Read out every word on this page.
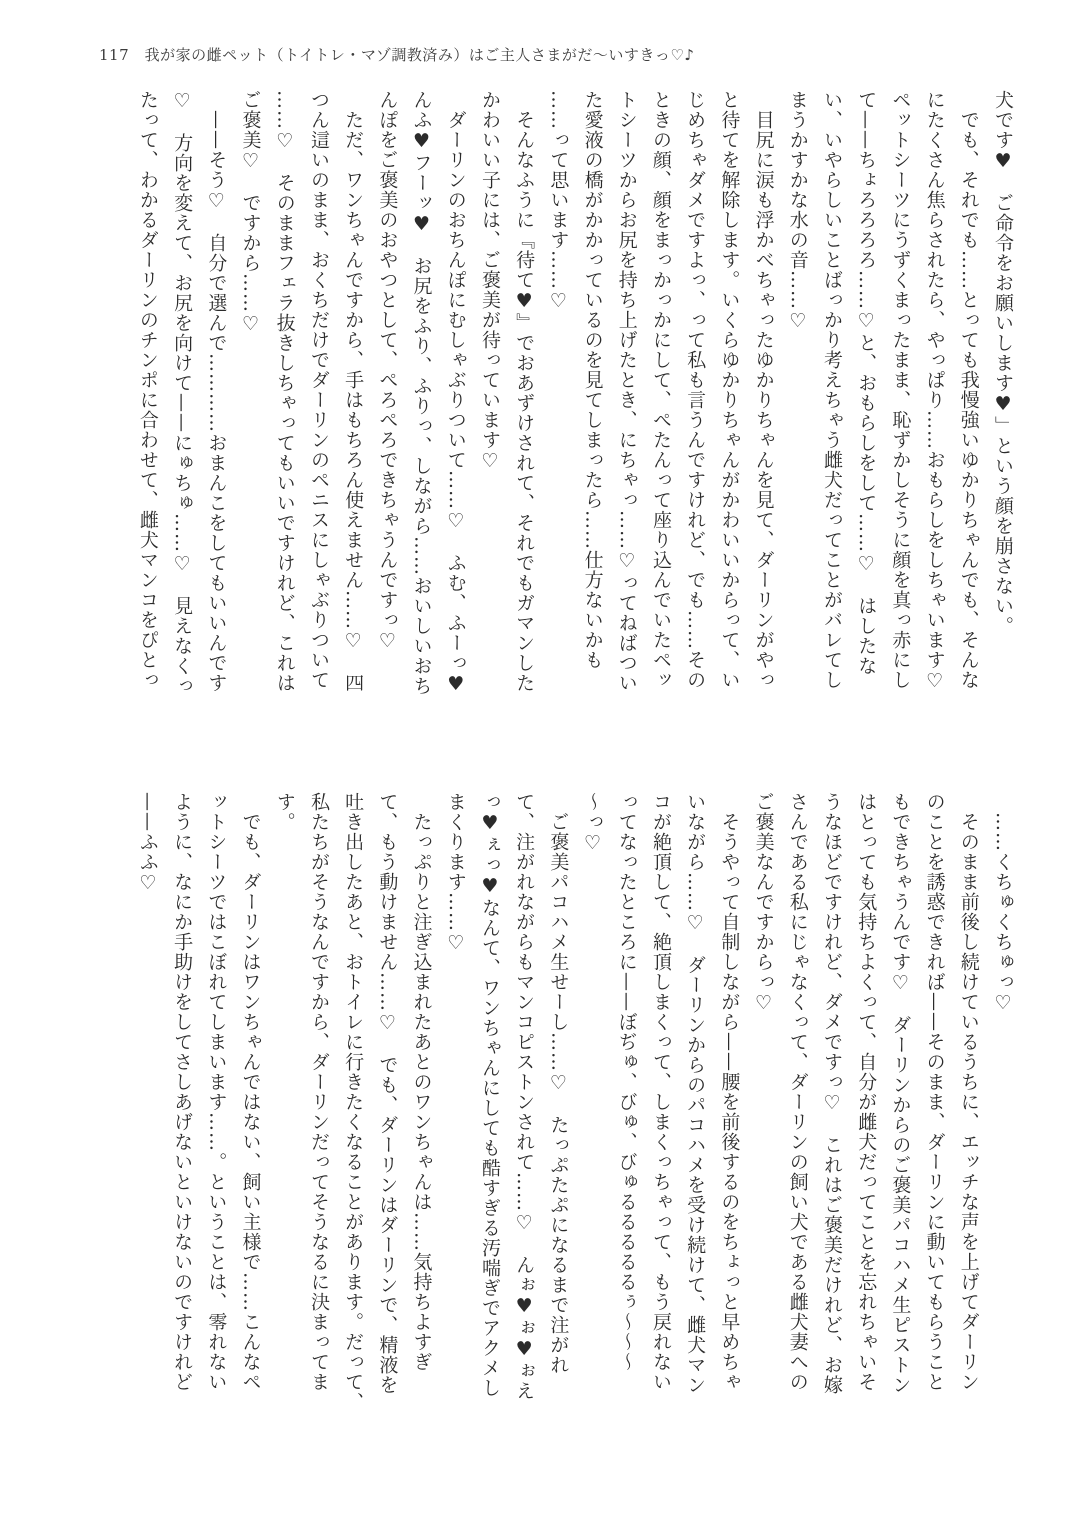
117　我が家の雌ペット（トイトレ・マゾ調教済み）はご主人さまがだ～いすきっ♡♪
犬です♥　ご命令をお願いします♥」という顔を崩さない。
　でも、それでも……とっても我慢強いゆかりちゃんでも、そんな
にたくさん焦らされたら、やっぱり……おもらしをしちゃいます♡
ペットシーツにうずくまったまま、恥ずかしそうに顔を真っ赤にし
て——ちょろろろろ……♡と、おもらしをして……♡　はしたな
い、いやらしいことばっかり考えちゃう雌犬だってことがバレてし
まうかすかな水の音……♡
　目尻に涙も浮かべちゃったゆかりちゃんを見て、ダーリンがやっ
と待てを解除します。いくらゆかりちゃんがかわいいからって、い
じめちゃダメですよっ、って私も言うんですけれど、でも……その
ときの顔、顔をまっかっかにして、ぺたんって座り込んでいたペッ
トシーツからお尻を持ち上げたとき、にちゃっ……♡ってねばつい
た愛液の橋がかかっているのを見てしまったら……仕方ないかも
……って思います……♡
　そんなふうに『待て♥』でおあずけされて、それでもガマンした
かわいい子には、ご褒美が待っています♡
　ダーリンのおちんぽにむしゃぶりついて……♡　ふむ、ふーっ♥
んふ♥フーッ♥　お尻をふり、ふりっ、しながら……おいしいおち
んぽをご褒美のおやつとして、ぺろぺろできちゃうんですっ♡
　ただ、ワンちゃんですから、手はもちろん使えません……♡　四
つん這いのまま、おくちだけでダーリンのペニスにしゃぶりついて
……♡　そのままフェラ抜きしちゃってもいいですけれど、これは
ご褒美♡　ですから……♡
　——そう♡　自分で選んで…………おまんこをしてもいいんです
♡　方向を変えて、お尻を向けて——にゅちゅ……♡　見えなくっ
たって、わかるダーリンのチンポに合わせて、雌犬マンコをぴとっ
　……くちゅくちゅっ♡
　そのまま前後し続けているうちに、エッチな声を上げてダーリン
のことを誘惑できれば——そのまま、ダーリンに動いてもらうこと
もできちゃうんです♡　ダーリンからのご褒美パコハメ生ピストン
はとっても気持ちよくって、自分が雌犬だってことを忘れちゃいそ
うなほどですけれど、ダメですっ♡　これはご褒美だけれど、お嫁
さんである私にじゃなくって、ダーリンの飼い犬である雌犬妻への
ご褒美なんですからっ♡
　そうやって自制しながら——腰を前後するのをちょっと早めちゃ
いながら……♡　ダーリンからのパコハメを受け続けて、雌犬マン
コが絶頂して、絶頂しまくって、しまくっちゃって、もう戻れない
ってなったところに——ぼぢゅ、びゅ、びゅるるるるるぅ～～～
～っ♡
　ご褒美パコハメ生せーし……♡　たっぷたぷになるまで注がれ
て、注がれながらもマンコピストンされて……♡　んぉ♥ぉ♥ぉえ
っ♥ぇっ♥なんて、ワンちゃんにしても酷すぎる汚喘ぎでアクメし
まくります……♡
　たっぷりと注ぎ込まれたあとのワンちゃんは……気持ちよすぎ
て、もう動けません……♡　でも、ダーリンはダーリンで、精液を
吐き出したあと、おトイレに行きたくなることがあります。だって、
私たちがそうなんですから、ダーリンだってそうなるに決まってま
す。
　でも、ダーリンはワンちゃんではない、飼い主様で……こんなペ
ットシーツではこぼれてしまいます……。ということは、零れない
ように、なにか手助けをしてさしあげないといけないのですけれど
——ふふ♡
